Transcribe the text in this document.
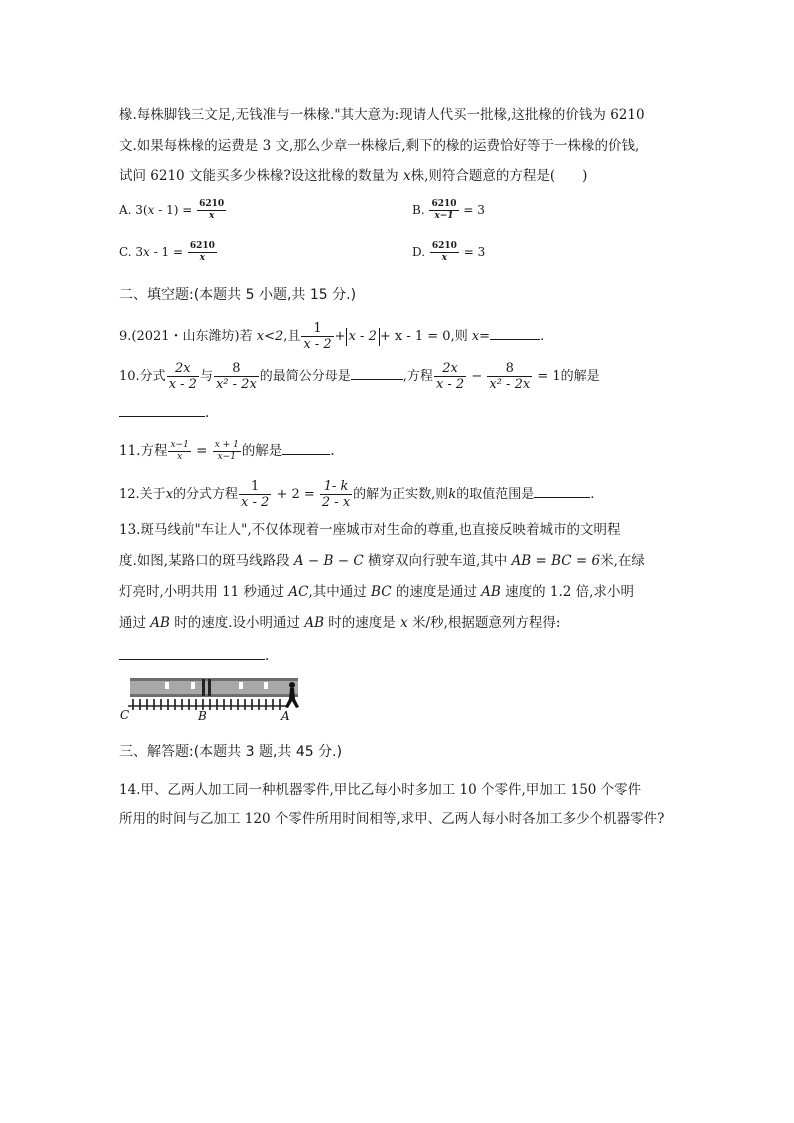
椽.每株脚钱三文足,无钱准与一株椽."其大意为:现请人代买一批椽,这批椽的价钱为 6210
文.如果每株椽的运费是 3 文,那么少章一株椽后,剩下的椽的运费恰好等于一株椽的价钱,
试问 6210 文能买多少株椽?设这批椽的数量为 x株,则符合题意的方程是(　　)
A. $3(x - 1) = \frac{6210}{x}$	B. $\frac{6210}{x-1} = 3$
C. $3x - 1 = \frac{6210}{x}$	D. $\frac{6210}{x} = 3$
二、填空题:(本题共 5 小题,共 15 分.)
9.(2021・山东潍坊)若 x<2,且 $\frac{1}{x - 2} + x - 2 + x - 1 = 0$,则 x=	.
10.分式 $\frac{2x}{x - 2}$ 与 $\frac{8}{\text{x² - 2x}}$ 的最简公分母是	,方程 $\frac{2x}{x - 2} - \frac{8}{\text{x² - 2x}} = 1$的解是
.
11.方程 $\frac{x-1}{x} = \frac{x + 1}{x-1}$ 的解是	.
12.关于x的分式方程 $\frac{1}{x - 2} + 2 = \frac{1- k}{2 - x}$ 的解为正实数,则k的取值范围是	.
13.斑马线前"车让人",不仅体现着一座城市对生命的尊重,也直接反映着城市的文明程
度.如图,某路口的斑马线路段 A − B − C 横穿双向行驶车道,其中 AB = BC = 6米,在绿
灯亮时,小明共用 11 秒通过 AC,其中通过 BC 的速度是通过 AB 速度的 1.2 倍,求小明
通过 AB 时的速度.设小明通过 AB 时的速度是 x 米/秒,根据题意列方程得:
.
C	B	A
三、解答题:(本题共 3 题,共 45 分.)
14.甲、乙两人加工同一种机器零件,甲比乙每小时多加工 10 个零件,甲加工 150 个零件
所用的时间与乙加工 120 个零件所用时间相等,求甲、乙两人每小时各加工多少个机器零件?
